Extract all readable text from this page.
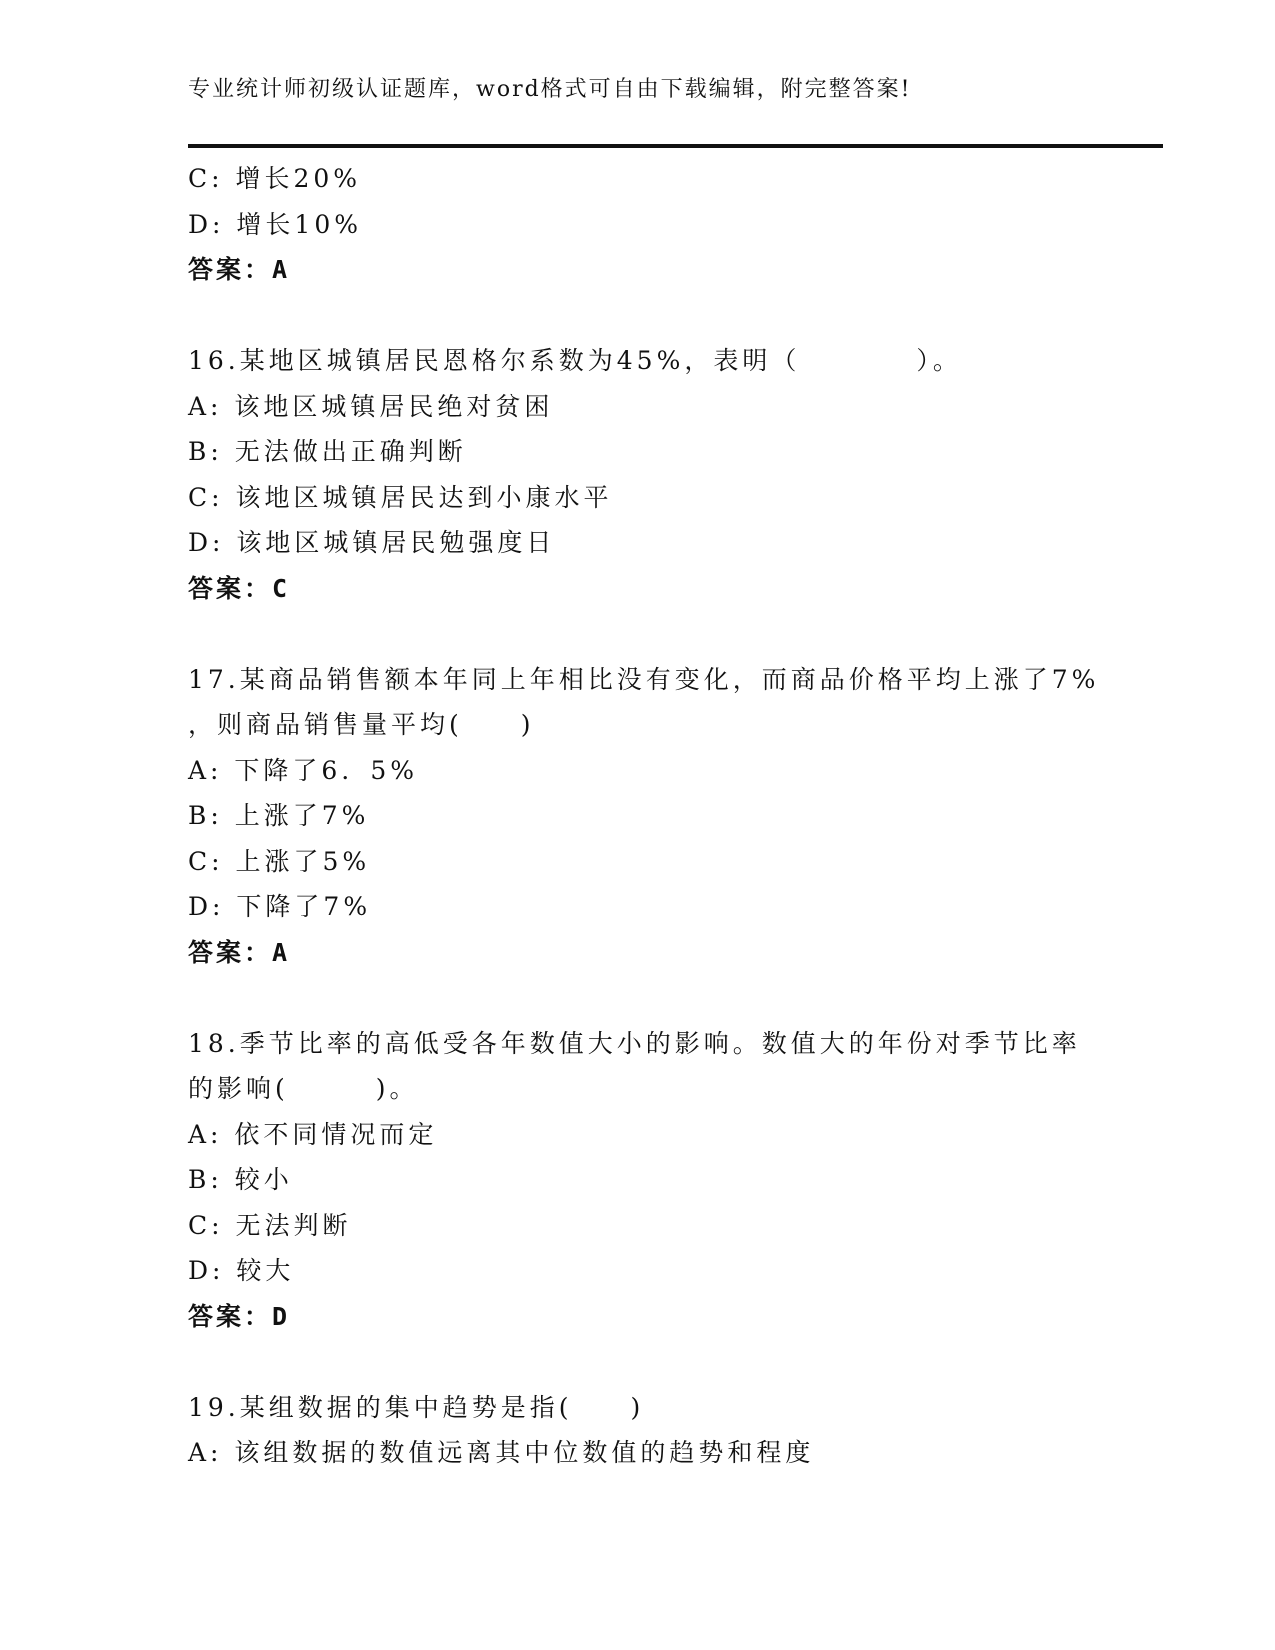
专业统计师初级认证题库，word格式可自由下载编辑，附完整答案!
C: 增长20%
D: 增长10%
答案：A
16.某地区城镇居民恩格尔系数为45%，表明（　　　　）。
A: 该地区城镇居民绝对贫困
B: 无法做出正确判断
C: 该地区城镇居民达到小康水平
D: 该地区城镇居民勉强度日
答案：C
17.某商品销售额本年同上年相比没有变化，而商品价格平均上涨了7%
，则商品销售量平均(　　)
A: 下降了6．5%
B: 上涨了7%
C: 上涨了5%
D: 下降了7%
答案：A
18.季节比率的高低受各年数值大小的影响。数值大的年份对季节比率
的影响(　　　)。
A: 依不同情况而定
B: 较小
C: 无法判断
D: 较大
答案：D
19.某组数据的集中趋势是指(　　)
A: 该组数据的数值远离其中位数值的趋势和程度
